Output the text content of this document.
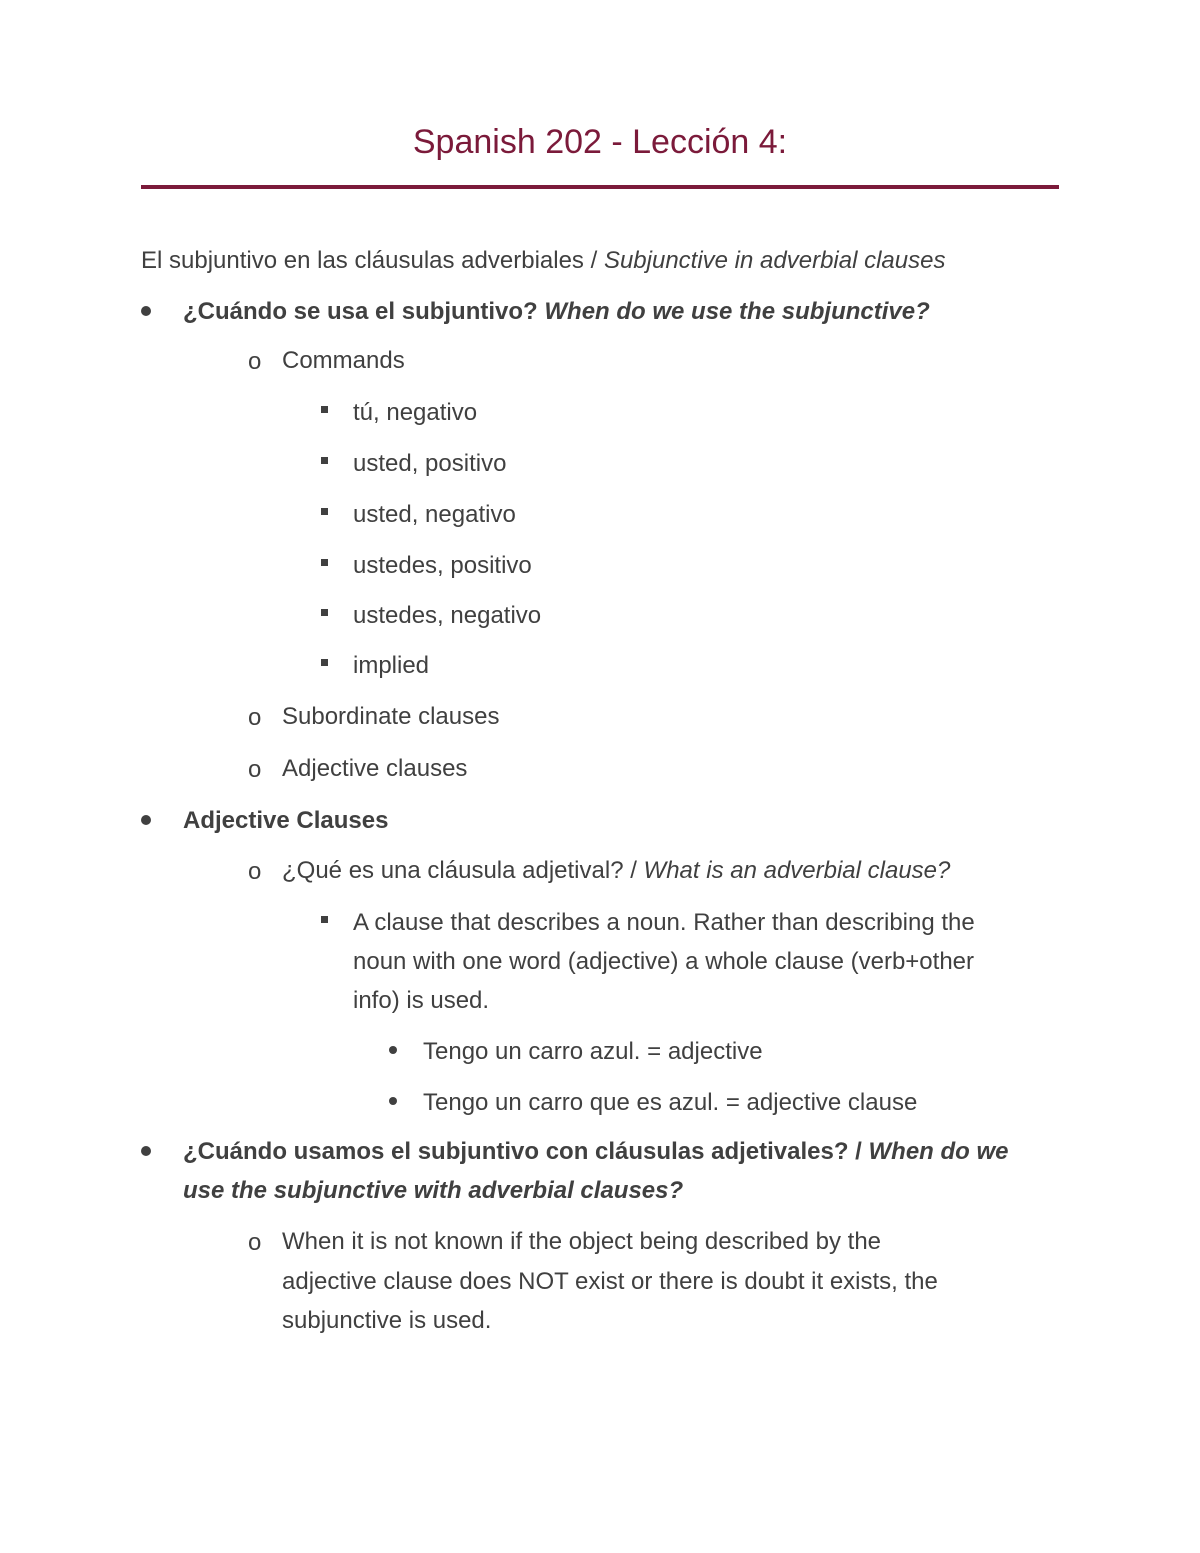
Spanish 202 - Lección 4:
El subjuntivo en las cláusulas adverbiales / Subjunctive in adverbial clauses
¿Cuándo se usa el subjuntivo? When do we use the subjunctive?
o Commands
tú, negativo
usted, positivo
usted, negativo
ustedes, positivo
ustedes, negativo
implied
o Subordinate clauses
o Adjective clauses
Adjective Clauses
o ¿Qué es una cláusula adjetival? / What is an adverbial clause?
A clause that describes a noun. Rather than describing the
noun with one word (adjective) a whole clause (verb+other
info) is used.
Tengo un carro azul. = adjective
Tengo un carro que es azul. = adjective clause
¿Cuándo usamos el subjuntivo con cláusulas adjetivales? / When do we
use the subjunctive with adverbial clauses?
o When it is not known if the object being described by the
adjective clause does NOT exist or there is doubt it exists, the
subjunctive is used.
